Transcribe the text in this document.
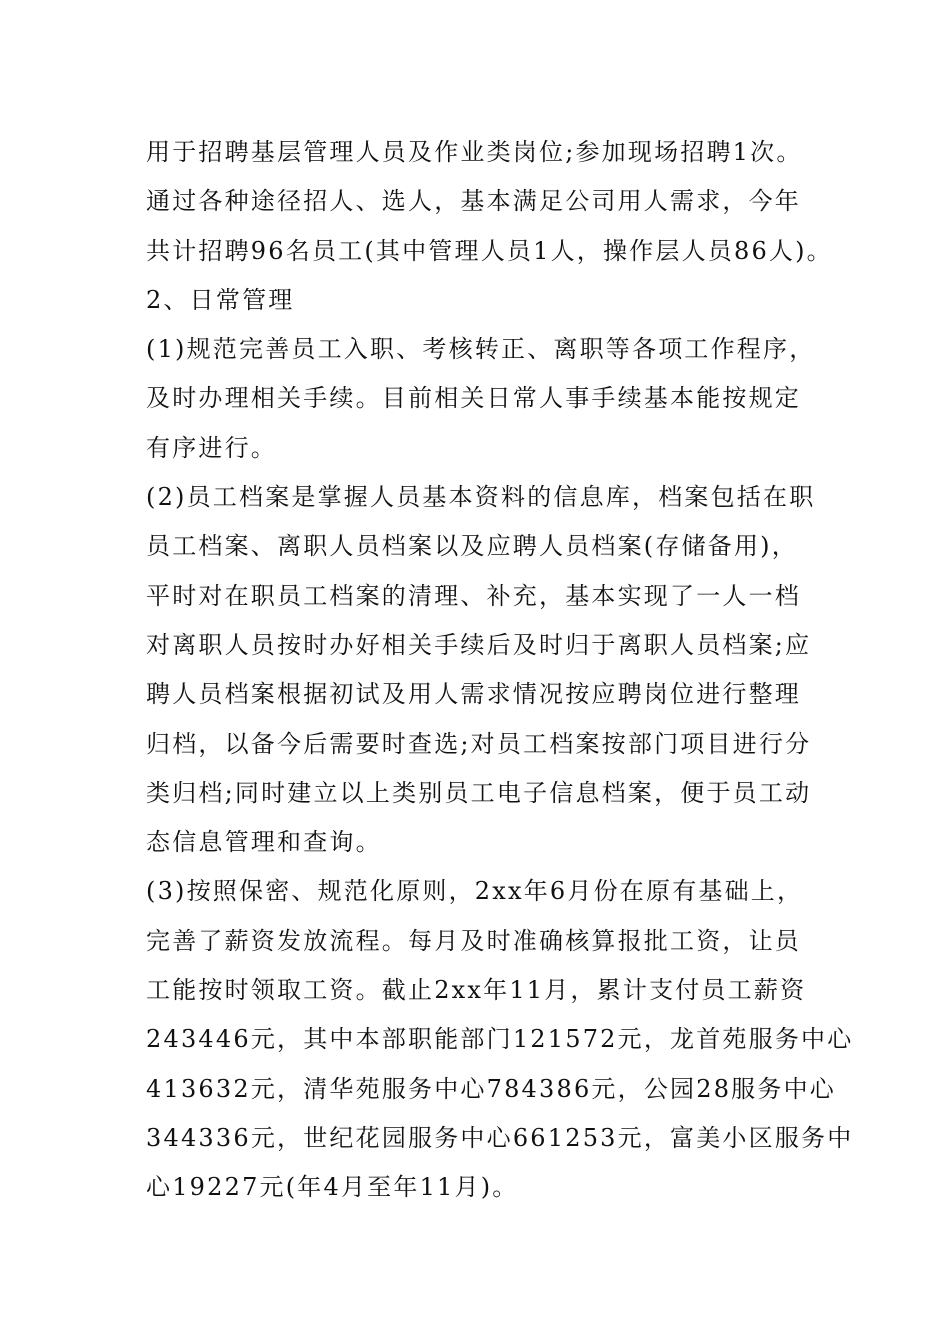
用于招聘基层管理人员及作业类岗位;参加现场招聘1次。
通过各种途径招人、选人，基本满足公司用人需求，今年
共计招聘96名员工(其中管理人员1人，操作层人员86人)。
2、日常管理
(1)规范完善员工入职、考核转正、离职等各项工作程序，
及时办理相关手续。目前相关日常人事手续基本能按规定
有序进行。
(2)员工档案是掌握人员基本资料的信息库，档案包括在职
员工档案、离职人员档案以及应聘人员档案(存储备用)，
平时对在职员工档案的清理、补充，基本实现了一人一档
对离职人员按时办好相关手续后及时归于离职人员档案;应
聘人员档案根据初试及用人需求情况按应聘岗位进行整理
归档，以备今后需要时查选;对员工档案按部门项目进行分
类归档;同时建立以上类别员工电子信息档案，便于员工动
态信息管理和查询。
(3)按照保密、规范化原则，2xx年6月份在原有基础上，
完善了薪资发放流程。每月及时准确核算报批工资，让员
工能按时领取工资。截止2xx年11月，累计支付员工薪资
243446元，其中本部职能部门121572元，龙首苑服务中心
413632元，清华苑服务中心784386元，公园28服务中心
344336元，世纪花园服务中心661253元，富美小区服务中
心19227元(年4月至年11月)。
